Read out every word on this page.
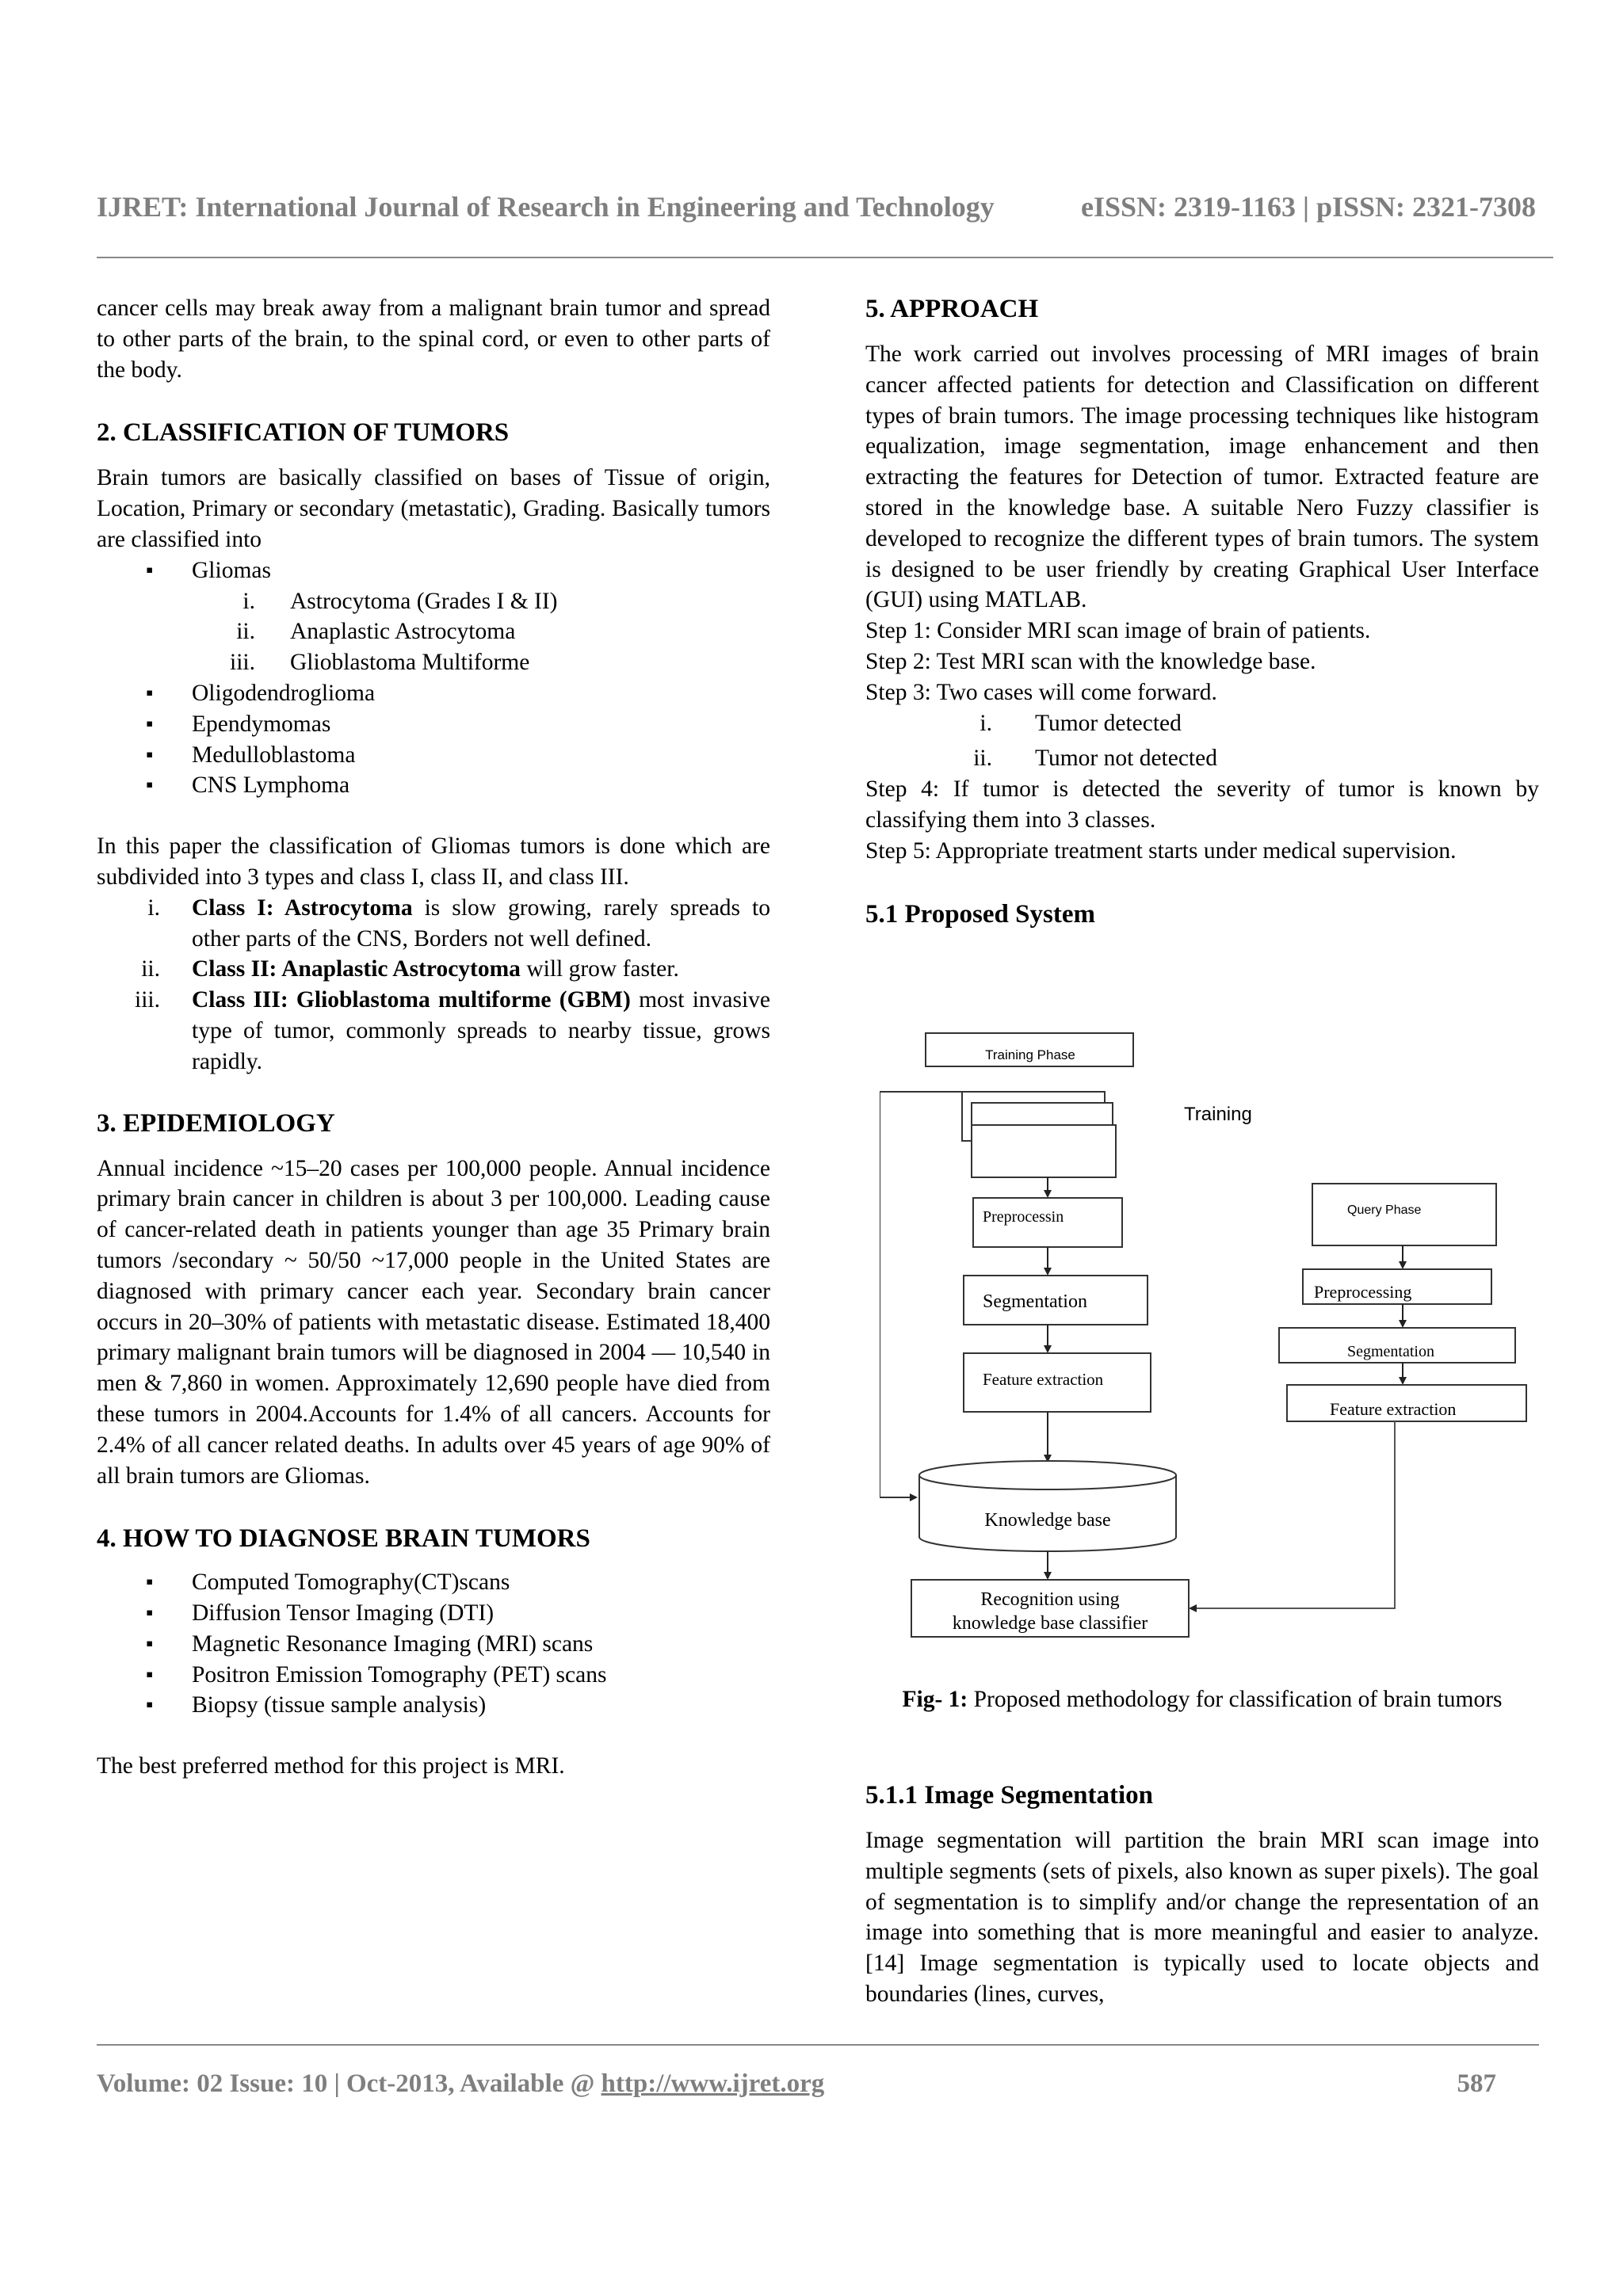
IJRET: International Journal of Research in Engineering and Technology	eISSN: 2319-1163 | pISSN: 2321-7308

cancer cells may break away from a malignant brain tumor and spread to other parts of the brain, to the spinal cord, or even to other parts of the body.

2. CLASSIFICATION OF TUMORS

Brain tumors are basically classified on bases of Tissue of origin, Location, Primary or secondary (metastatic), Grading. Basically tumors are classified into

▪ Gliomas
i. Astrocytoma (Grades I & II)
ii. Anaplastic Astrocytoma
iii. Glioblastoma Multiforme
▪ Oligodendroglioma
▪ Ependymomas
▪ Medulloblastoma
▪ CNS Lymphoma

In this paper the classification of Gliomas tumors is done which are subdivided into 3 types and class I, class II, and class III.

i. Class I: Astrocytoma is slow growing, rarely spreads to other parts of the CNS, Borders not well defined.
ii. Class II: Anaplastic Astrocytoma will grow faster.
iii. Class III: Glioblastoma multiforme (GBM) most invasive type of tumor, commonly spreads to nearby tissue, grows rapidly.
3. EPIDEMIOLOGY

Annual incidence ~15–20 cases per 100,000 people. Annual incidence primary brain cancer in children is about 3 per 100,000. Leading cause of cancer-related death in patients younger than age 35 Primary brain tumors /secondary ~ 50/50 ~17,000 people in the United States are diagnosed with primary cancer each year. Secondary brain cancer occurs in 20–30% of patients with metastatic disease. Estimated 18,400 primary malignant brain tumors will be diagnosed in 2004 — 10,540 in men & 7,860 in women. Approximately 12,690 people have died from these tumors in 2004.Accounts for 1.4% of all cancers. Accounts for 2.4% of all cancer related deaths. In adults over 45 years of age 90% of all brain tumors are Gliomas.

4. HOW TO DIAGNOSE BRAIN TUMORS
▪ Computed Tomography(CT)scans
▪ Diffusion Tensor Imaging (DTI)
▪ Magnetic Resonance Imaging (MRI) scans
▪ Positron Emission Tomography (PET) scans
▪ Biopsy (tissue sample analysis)

The best preferred method for this project is MRI.

5. APPROACH

The work carried out involves processing of MRI images of brain cancer affected patients for detection and Classification on different types of brain tumors. The image processing techniques like histogram equalization, image segmentation, image enhancement and then extracting the features for Detection of tumor. Extracted feature are stored in the knowledge base. A suitable Nero Fuzzy classifier is developed to recognize the different types of brain tumors. The system is designed to be user friendly by creating Graphical User Interface (GUI) using MATLAB.

Step 1: Consider MRI scan image of brain of patients.

Step 2: Test MRI scan with the knowledge base.

Step 3: Two cases will come forward.

i. Tumor detected
ii. Tumor not detected

Step 4: If tumor is detected the severity of tumor is known by classifying them into 3 classes.

Step 5: Appropriate treatment starts under medical supervision.

5.1 Proposed System
Training Phase
Training
Preprocessin
Segmentation
Feature extraction
Knowledge base
Recognition using
knowledge base classifier
Query Phase
Preprocessing
Segmentation
Feature extraction
Fig- 1: Proposed methodology for classification of brain tumors
5.1.1 Image Segmentation

Image segmentation will partition the brain MRI scan image into multiple segments (sets of pixels, also known as super pixels). The goal of segmentation is to simplify and/or change the representation of an image into something that is more meaningful and easier to analyze.[14] Image segmentation is typically used to locate objects and boundaries (lines, curves,

Volume: 02 Issue: 10 | Oct-2013, Available @ http://www.ijret.org	587
